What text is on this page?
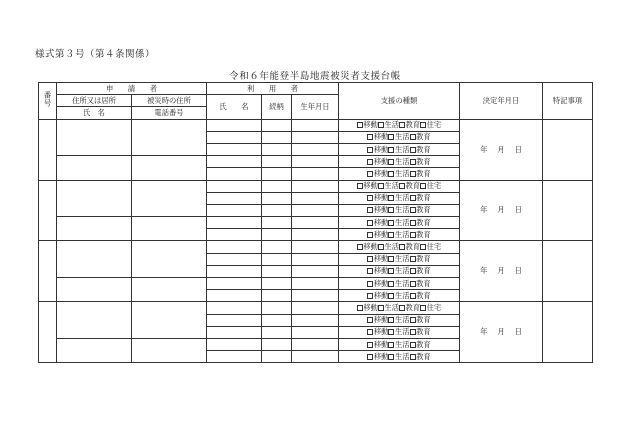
様式第３号（第４条関係）
令和６年能登半島地震被災者支援台帳
番号	申　　請　　者		利　　用　　者			支援の種類	決定年月日	特記事項
	住所又は居所	被災時の住所	氏　　名	続柄	生年月日			
	氏　名	電話番号						
						移動 生活 教育 住宅	年 月 日	
						移動 生活 教育		
						移動 生活 教育		
						移動 生活 教育		
						移動 生活 教育		
						移動 生活 教育 住宅	年 月 日	
						移動 生活 教育		
						移動 生活 教育		
						移動 生活 教育		
						移動 生活 教育		
						移動 生活 教育 住宅	年 月 日	
						移動 生活 教育		
						移動 生活 教育		
						移動 生活 教育		
						移動 生活 教育		
						移動 生活 教育 住宅	年 月 日	
						移動 生活 教育		
						移動 生活 教育		
						移動 生活 教育		
						移動 生活 教育		
